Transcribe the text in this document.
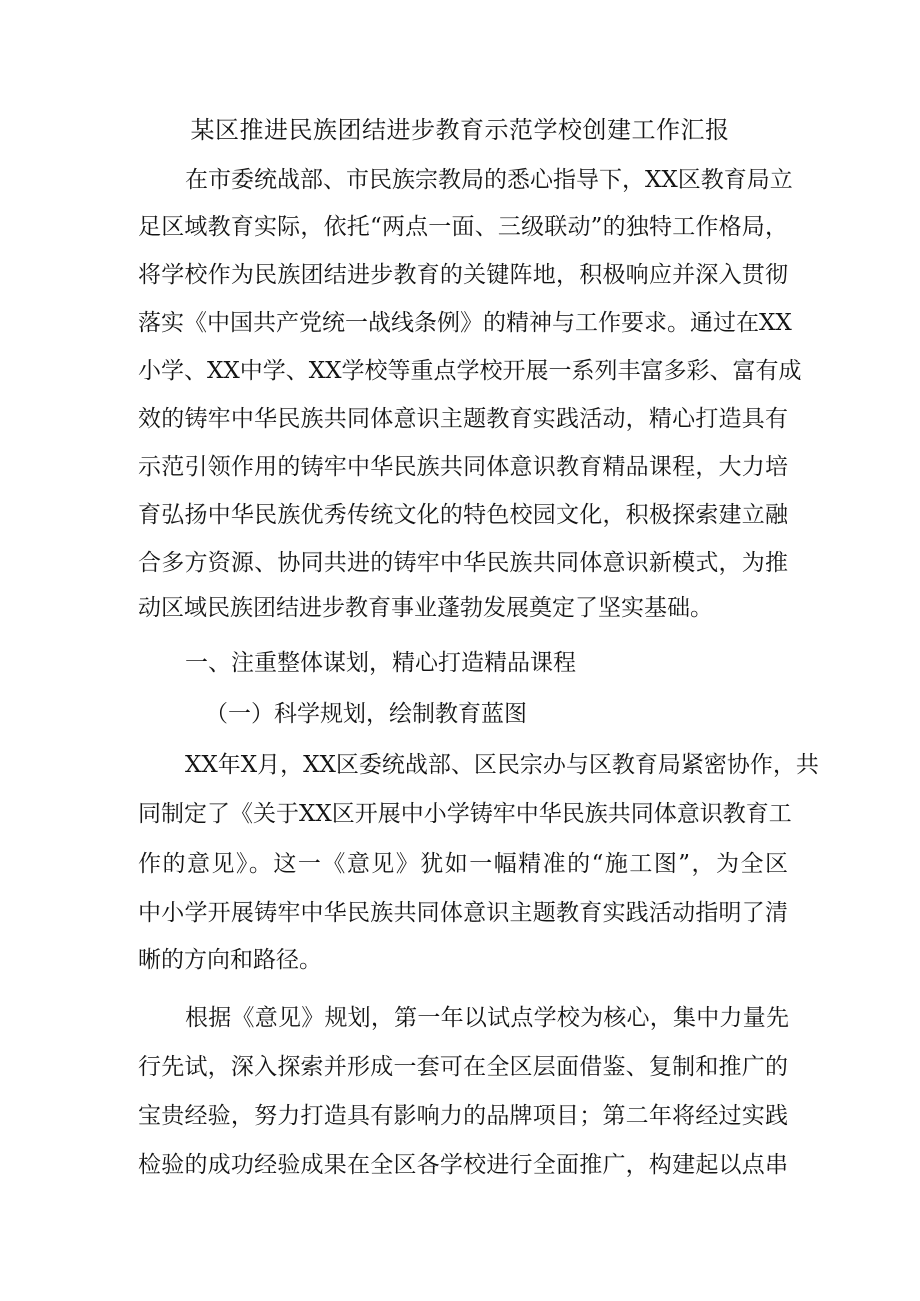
某区推进民族团结进步教育示范学校创建工作汇报

在市委统战部、市民族宗教局的悉心指导下，XX区教育局立

足区域教育实际，依托“两点一面、三级联动”的独特工作格局，

将学校作为民族团结进步教育的关键阵地，积极响应并深入贯彻

落实《中国共产党统一战线条例》的精神与工作要求。通过在XX

小学、XX中学、XX学校等重点学校开展一系列丰富多彩、富有成

效的铸牢中华民族共同体意识主题教育实践活动，精心打造具有

示范引领作用的铸牢中华民族共同体意识教育精品课程，大力培

育弘扬中华民族优秀传统文化的特色校园文化，积极探索建立融

合多方资源、协同共进的铸牢中华民族共同体意识新模式，为推

动区域民族团结进步教育事业蓬勃发展奠定了坚实基础。

一、注重整体谋划，精心打造精品课程

（一）科学规划，绘制教育蓝图

XX年X月，XX区委统战部、区民宗办与区教育局紧密协作，共

同制定了《关于XX区开展中小学铸牢中华民族共同体意识教育工

作的意见》。这一《意见》犹如一幅精准的“施工图”，为全区

中小学开展铸牢中华民族共同体意识主题教育实践活动指明了清

晰的方向和路径。

根据《意见》规划，第一年以试点学校为核心，集中力量先

行先试，深入探索并形成一套可在全区层面借鉴、复制和推广的

宝贵经验，努力打造具有影响力的品牌项目；第二年将经过实践

检验的成功经验成果在全区各学校进行全面推广，构建起以点串
